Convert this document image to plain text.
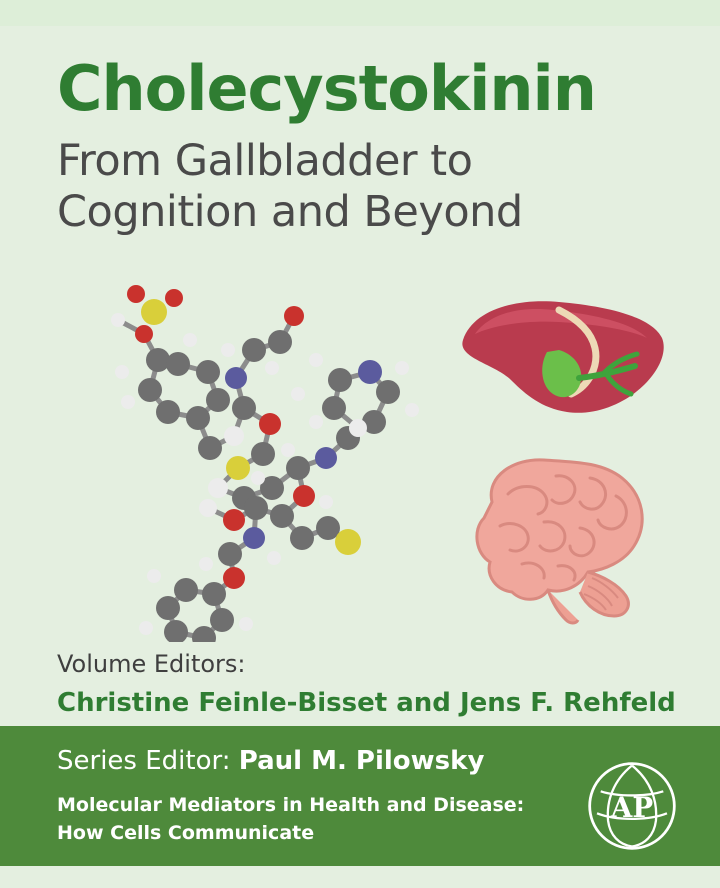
Cholecystokinin
From Gallbladder to
Cognition and Beyond
Volume Editors:
Christine Feinle-Bisset and Jens F. Rehfeld
Series Editor: Paul M. Pilowsky
Molecular Mediators in Health and Disease:
How Cells Communicate
AP
